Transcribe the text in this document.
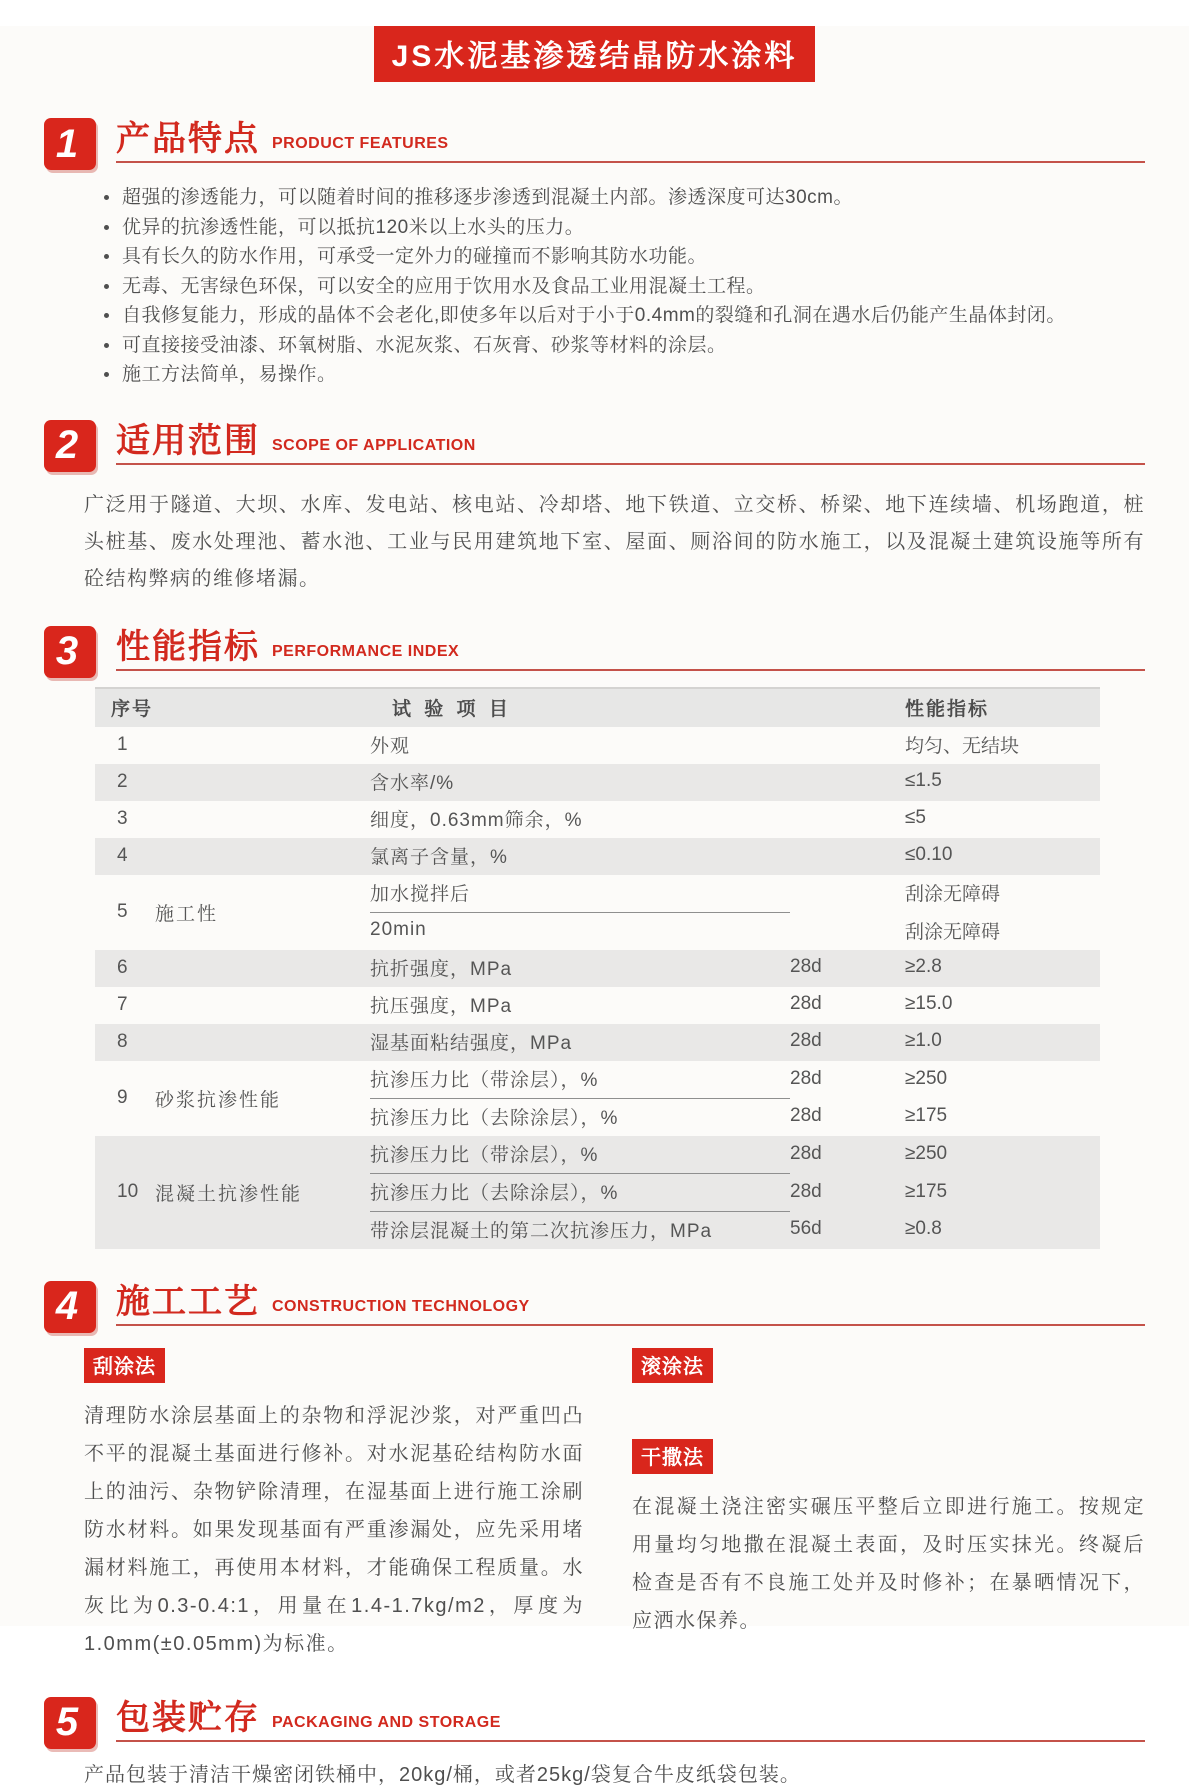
JS水泥基渗透结晶防水涂料
1	产品特点 PRODUCT FEATURES
超强的渗透能力，可以随着时间的推移逐步渗透到混凝土内部。渗透深度可达30cm。
优异的抗渗透性能，可以抵抗120米以上水头的压力。
具有长久的防水作用，可承受一定外力的碰撞而不影响其防水功能。
无毒、无害绿色环保，可以安全的应用于饮用水及食品工业用混凝土工程。
自我修复能力，形成的晶体不会老化,即使多年以后对于小于0.4mm的裂缝和孔洞在遇水后仍能产生晶体封闭。
可直接接受油漆、环氧树脂、水泥灰浆、石灰膏、砂浆等材料的涂层。
施工方法简单，易操作。
2	适用范围 SCOPE OF APPLICATION

广泛用于隧道、大坝、水库、发电站、核电站、冷却塔、地下铁道、立交桥、桥梁、地下连续墙、机场跑道，桩头桩基、废水处理池、蓄水池、工业与民用建筑地下室、屋面、厕浴间的防水施工，以及混凝土建筑设施等所有砼结构弊病的维修堵漏。

3	性能指标 PERFORMANCE INDEX
序号	试 验 项 目	性能指标
1	外观	均匀、无结块
2	含水率/%	≤1.5
3	细度，0.63mm筛余，%	≤5
4	氯离子含量，%	≤0.10
5	施工性
加水搅拌后	刮涂无障碍
20min	刮涂无障碍
6	抗折强度，MPa	28d	≥2.8
7	抗压强度，MPa	28d	≥15.0
8	湿基面粘结强度，MPa	28d	≥1.0
9	砂浆抗渗性能
抗渗压力比（带涂层），%	28d	≥250
抗渗压力比（去除涂层），%	28d	≥175
10 混凝土抗渗性能
抗渗压力比（带涂层），%	28d	≥250
抗渗压力比（去除涂层），%	28d	≥175
带涂层混凝土的第二次抗渗压力，MPa	56d	≥0.8
4	施工工艺 CONSTRUCTION TECHNOLOGY
刮涂法

清理防水涂层基面上的杂物和浮泥沙浆，对严重凹凸不平的混凝土基面进行修补。对水泥基砼结构防水面上的油污、杂物铲除清理，在湿基面上进行施工涂刷防水材料。如果发现基面有严重渗漏处，应先采用堵漏材料施工，再使用本材料，才能确保工程质量。水灰比为0.3-0.4:1，用量在1.4-1.7kg/m2，厚度为1.0mm(±0.05mm)为标准。

滚涂法
干撒法

在混凝土浇注密实碾压平整后立即进行施工。按规定用量均匀地撒在混凝土表面，及时压实抹光。终凝后检查是否有不良施工处并及时修补；在暴晒情况下，应洒水保养。

5	包装贮存 PACKAGING AND STORAGE

产品包装于清洁干燥密闭铁桶中，20kg/桶，或者25kg/袋复合牛皮纸袋包装。
